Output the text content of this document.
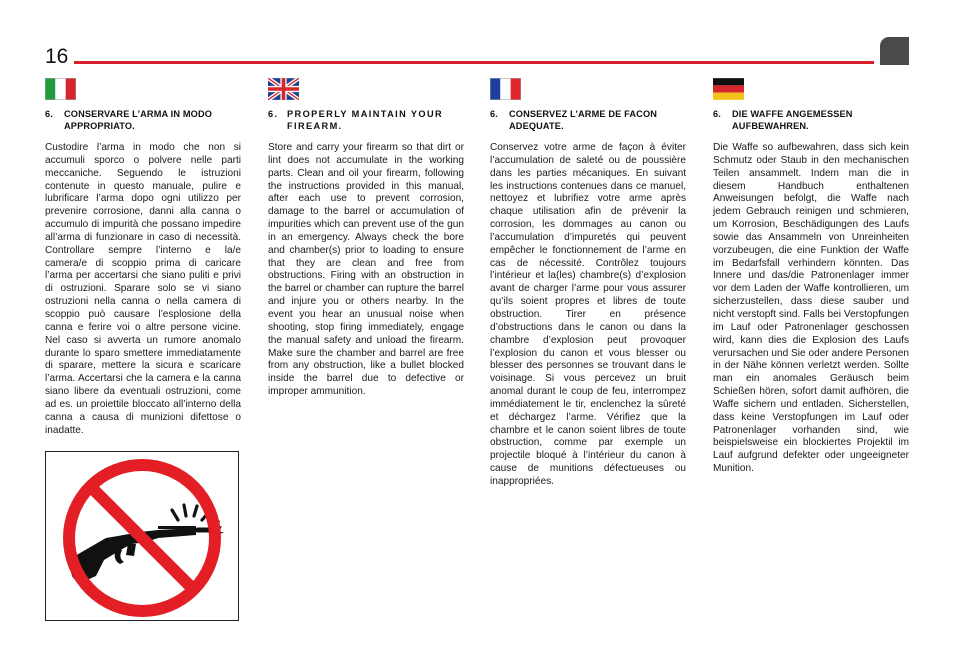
16
6.	CONSERVARE L’ARMA IN MODO APPROPRIATO.
Custodire l’arma in modo che non si accumuli sporco o polvere nelle parti meccaniche. Seguendo le istruzioni contenute in questo manuale, pulire e lubrificare l’arma dopo ogni utilizzo per prevenire corrosione, danni alla canna o accumulo di impurità che possano impedire all’arma di funzionare in caso di necessità. Controllare sempre l’interno e la/e camera/e di scoppio prima di caricare l’arma per accertarsi che siano puliti e privi di ostruzioni. Sparare solo se vi siano ostruzioni nella canna o nella camera di scoppio può causare l’esplosione della canna e ferire voi o altre persone vicine. Nel caso si avverta un rumore anomalo durante lo sparo smettere immediatamente di sparare, mettere la sicura e scaricare l’arma. Accertarsi che la camera e la canna siano libere da eventuali ostruzioni, come ad es. un proiettile bloccato all’interno della canna a causa di munizioni difettose o inadatte.
6. PROPERLY MAINTAIN YOUR FIREARM.
Store and carry your firearm so that dirt or lint does not accumulate in the working parts. Clean and oil your firearm, following the instructions provided in this manual, after each use to prevent corrosion, damage to the barrel or accumulation of impurities which can prevent use of the gun in an emergency. Always check the bore and chamber(s) prior to loading to ensure that they are clean and free from obstructions. Firing with an obstruction in the barrel or chamber can rupture the barrel and injure you or others nearby. In the event you hear an unusual noise when shooting, stop firing immediately, engage the manual safety and unload the firearm. Make sure the chamber and barrel are free from any obstruction, like a bullet blocked inside the barrel due to defective or improper ammunition.
6.	CONSERVEZ L’ARME DE FACON ADEQUATE.
Conservez votre arme de façon à éviter l’accumulation de saleté ou de poussière dans les parties mécaniques. En suivant les instructions contenues dans ce manuel, nettoyez et lubrifiez votre arme après chaque utilisation afin de prévenir la corrosion, les dommages au canon ou l’accumulation d’impuretés qui peuvent empêcher le fonctionnement de l’arme en cas de nécessité. Contrôlez toujours l’intérieur et la(les) chambre(s) d’explosion avant de charger l’arme pour vous assurer qu’ils soient propres et libres de toute obstruction. Tirer en présence d’obstructions dans le canon ou dans la chambre d’explosion peut provoquer l’explosion du canon et vous blesser ou blesser des personnes se trouvant dans le voisinage. Si vous percevez un bruit anomal durant le coup de feu, interrompez immédiatement le tir, enclenchez la sûreté et déchargez l’arme. Vérifiez que la chambre et le canon soient libres de toute obstruction, comme par exemple un projectile bloqué à l’intérieur du canon à cause de munitions défectueuses ou inappropriées.
6.	DIE WAFFE ANGEMESSEN AUFBEWAHREN.
Die Waffe so aufbewahren, dass sich kein Schmutz oder Staub in den mechanischen Teilen ansammelt. Indem man die in diesem Handbuch enthaltenen Anweisungen befolgt, die Waffe nach jedem Gebrauch reinigen und schmieren, um Korrosion, Beschädigungen des Laufs sowie das Ansammeln von Unreinheiten vorzubeugen, die eine Funktion der Waffe im Bedarfsfall verhindern könnten. Das Innere und das/die Patronenlager immer vor dem Laden der Waffe kontrollieren, um sicherzustellen, dass diese sauber und nicht verstopft sind. Falls bei Verstopfungen im Lauf oder Patronenlager geschossen wird, kann dies die Explosion des Laufs verursachen und Sie oder andere Personen in der Nähe können verletzt werden. Sollte man ein anomales Geräusch beim Schießen hören, sofort damit aufhören, die Waffe sichern und entladen. Sicherstellen, dass keine Verstopfungen im Lauf oder Patronenlager vorhanden sind, wie beispielsweise ein blockiertes Projektil im Lauf aufgrund defekter oder ungeeigneter Munition.
